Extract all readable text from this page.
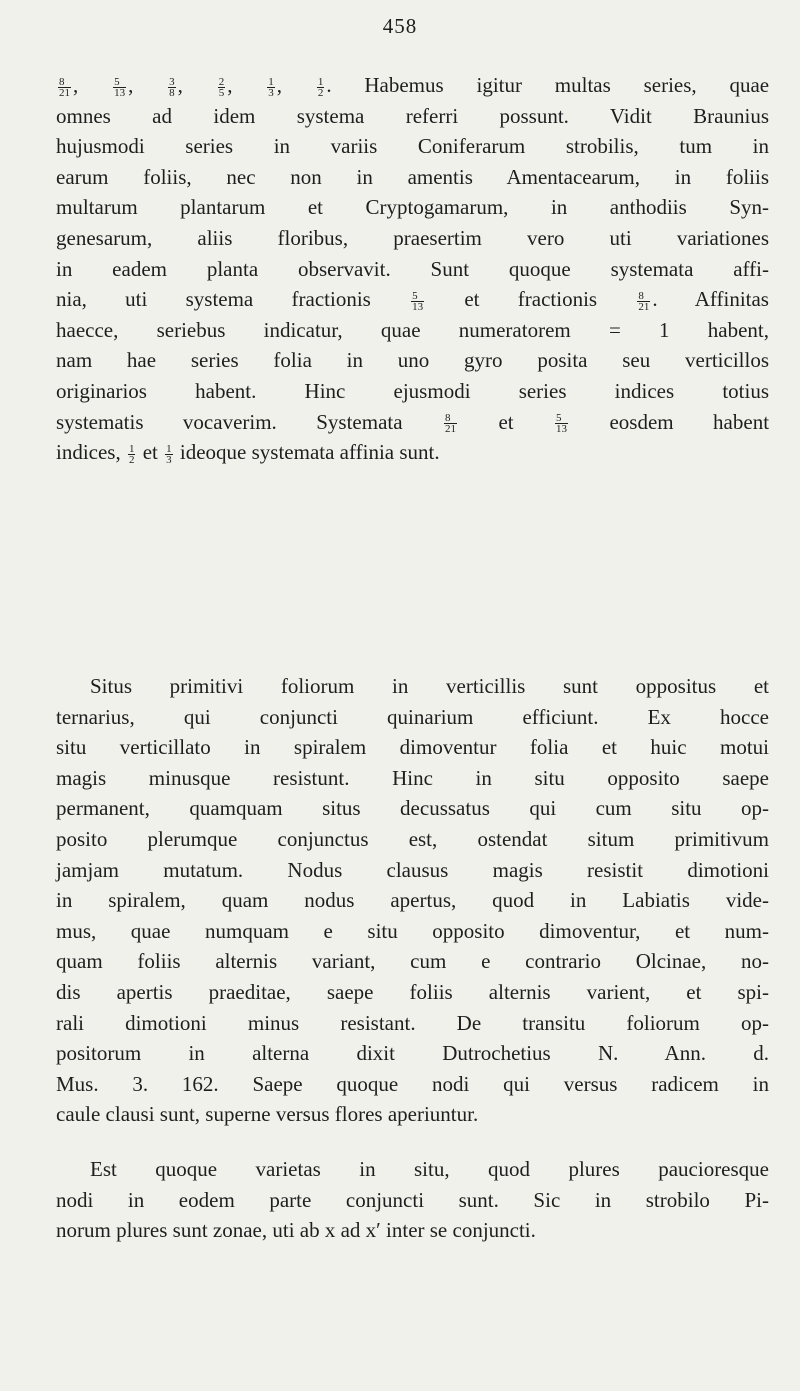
458
$\frac{8}{21}$ , $\frac{5}{13}$ , $\frac{3}{8}$ , $\frac{2}{5}$ , $\frac{1}{3}$ , $\frac{1}{2}$ . Habemus igitur multas series, quae
omnes ad idem systema referri possunt. Vidit Braunius
hujusmodi series in variis Coniferarum strobilis, tum in
earum foliis, nec non in amentis Amentacearum, in foliis
multarum plantarum et Cryptogamarum, in anthodiis Syn-
genesarum, aliis floribus, praesertim vero uti variationes
in eadem planta observavit. Sunt quoque systemata affi-
nia, uti systema fractionis	$\frac{5}{13}$ et fractionis	$\frac{8}{21}$ . Affinitas
haecce, seriebus indicatur, quae numeratorem = 1 habent,
nam hae series folia in uno gyro posita seu verticillos
originarios habent. Hinc ejusmodi series indices totius
systematis vocaverim. Systemata	$\frac{8}{21}$ et	$\frac{5}{13}$ eosdem habent
indices, $\frac{1}{2}$ et $\frac{1}{3}$ ideoque systemata affinia sunt.
Situs primitivi foliorum in verticillis sunt oppositus et
ternarius, qui conjuncti quinarium efficiunt. Ex hocce
situ verticillato in spiralem dimoventur folia et huic motui
magis minusque resistunt. Hinc in situ opposito saepe
permanent, quamquam situs decussatus qui cum situ op-
posito plerumque conjunctus est, ostendat situm primitivum
jamjam mutatum. Nodus clausus magis resistit dimotioni
in spiralem, quam nodus apertus, quod in Labiatis vide-
mus, quae numquam e situ opposito dimoventur, et num-
quam foliis alternis variant, cum e contrario Olcinae, no-
dis apertis praeditae, saepe foliis alternis varient, et spi-
rali dimotioni minus resistant. De transitu foliorum op-
positorum in alterna dixit Dutrochetius N. Ann. d.
Mus. 3. 162. Saepe quoque nodi qui versus radicem in
caule clausi sunt, superne versus flores aperiuntur.
Est quoque varietas in situ, quod plures paucioresque
nodi in eodem parte conjuncti sunt. Sic in strobilo Pi-
norum plures sunt zonae, uti ab x ad x′ inter se conjuncti.
